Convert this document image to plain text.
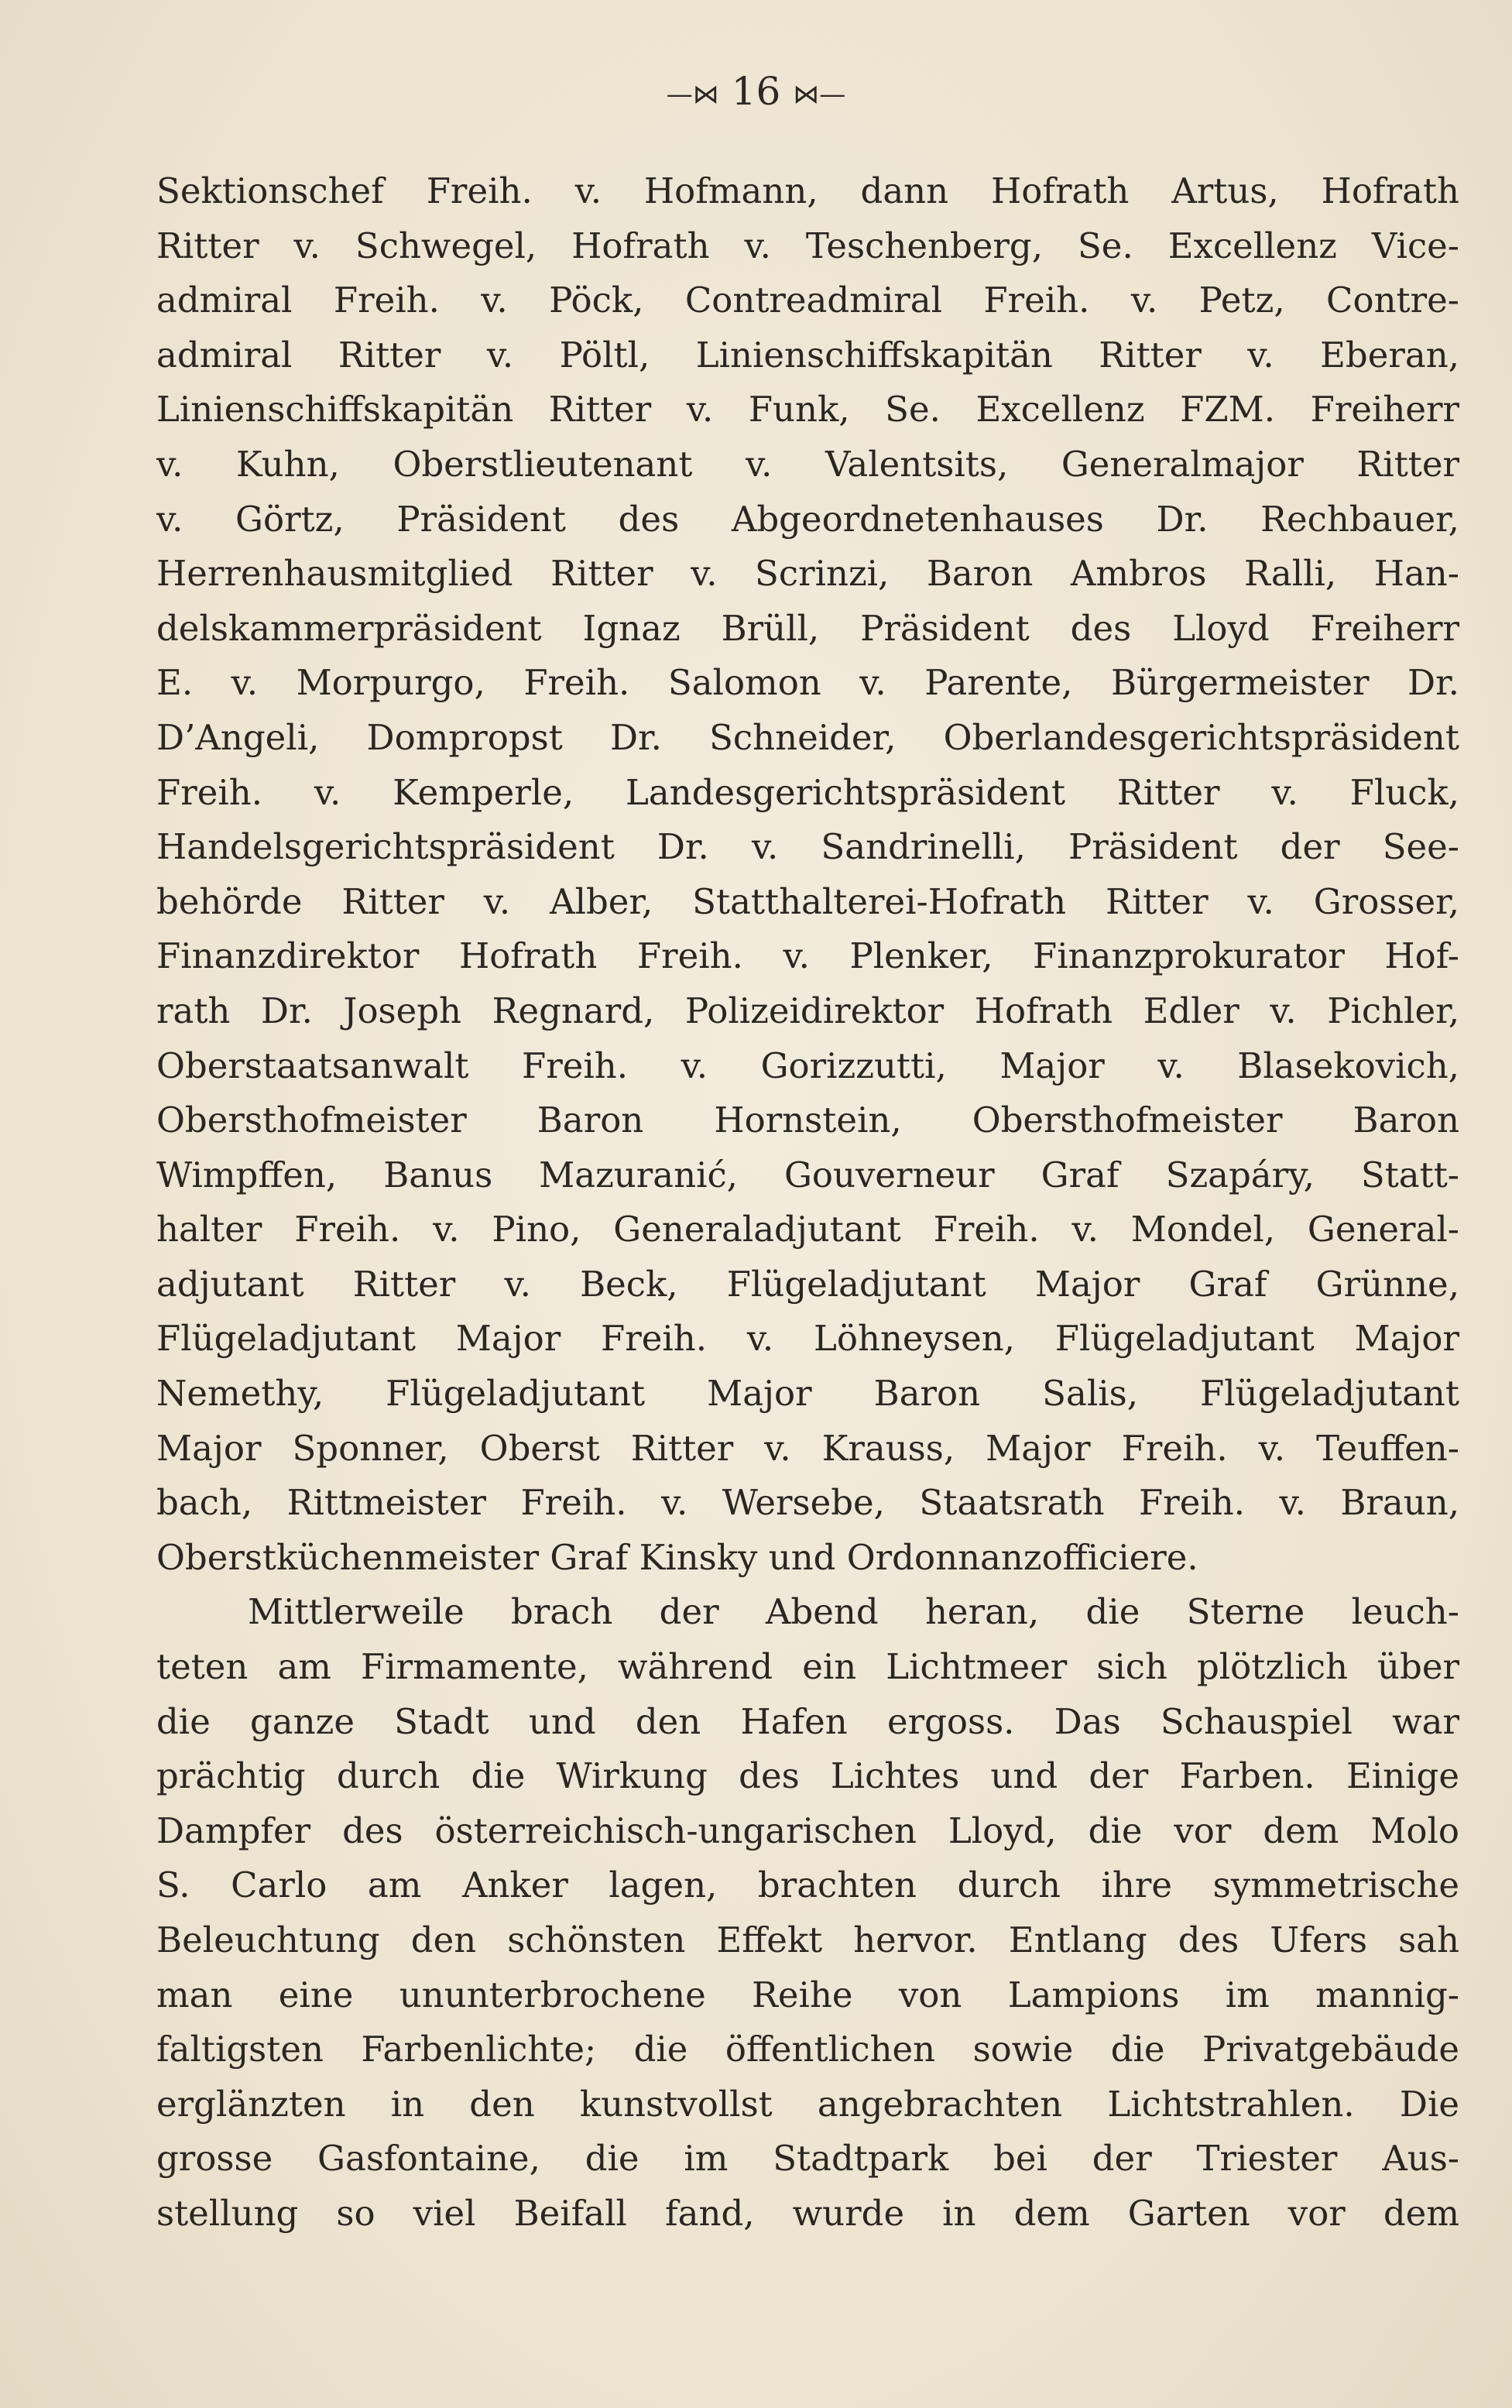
—⋈ 16 ⋈—
Sektionschef Freih. v. Hofmann, dann Hofrath Artus, Hofrath
Ritter v. Schwegel, Hofrath v. Teschenberg, Se. Excellenz Vice-
admiral Freih. v. Pöck, Contreadmiral Freih. v. Petz, Contre-
admiral Ritter v. Pöltl, Linienschiffskapitän Ritter v. Eberan,
Linienschiffskapitän Ritter v. Funk, Se. Excellenz FZM. Freiherr
v. Kuhn, Oberstlieutenant v. Valentsits, Generalmajor Ritter
v. Görtz, Präsident des Abgeordnetenhauses Dr. Rechbauer,
Herrenhausmitglied Ritter v. Scrinzi, Baron Ambros Ralli, Han-
delskammerpräsident Ignaz Brüll, Präsident des Lloyd Freiherr
E. v. Morpurgo, Freih. Salomon v. Parente, Bürgermeister Dr.
D’Angeli, Dompropst Dr. Schneider, Oberlandesgerichtspräsident
Freih. v. Kemperle, Landesgerichtspräsident Ritter v. Fluck,
Handelsgerichtspräsident Dr. v. Sandrinelli, Präsident der See-
behörde Ritter v. Alber, Statthalterei-Hofrath Ritter v. Grosser,
Finanzdirektor Hofrath Freih. v. Plenker, Finanzprokurator Hof-
rath Dr. Joseph Regnard, Polizeidirektor Hofrath Edler v. Pichler,
Oberstaatsanwalt Freih. v. Gorizzutti, Major v. Blasekovich,
Obersthofmeister Baron Hornstein, Obersthofmeister Baron
Wimpffen, Banus Mazuranić, Gouverneur Graf Szapáry, Statt-
halter Freih. v. Pino, Generaladjutant Freih. v. Mondel, General-
adjutant Ritter v. Beck, Flügeladjutant Major Graf Grünne,
Flügeladjutant Major Freih. v. Löhneysen, Flügeladjutant Major
Nemethy, Flügeladjutant Major Baron Salis, Flügeladjutant
Major Sponner, Oberst Ritter v. Krauss, Major Freih. v. Teuffen-
bach, Rittmeister Freih. v. Wersebe, Staatsrath Freih. v. Braun,
Oberstküchenmeister Graf Kinsky und Ordonnanzofficiere.
Mittlerweile brach der Abend heran, die Sterne leuch-
teten am Firmamente, während ein Lichtmeer sich plötzlich über
die ganze Stadt und den Hafen ergoss. Das Schauspiel war
prächtig durch die Wirkung des Lichtes und der Farben. Einige
Dampfer des österreichisch-ungarischen Lloyd, die vor dem Molo
S. Carlo am Anker lagen, brachten durch ihre symmetrische
Beleuchtung den schönsten Effekt hervor. Entlang des Ufers sah
man eine ununterbrochene Reihe von Lampions im mannig-
faltigsten Farbenlichte; die öffentlichen sowie die Privatgebäude
erglänzten in den kunstvollst angebrachten Lichtstrahlen. Die
grosse Gasfontaine, die im Stadtpark bei der Triester Aus-
stellung so viel Beifall fand, wurde in dem Garten vor dem
